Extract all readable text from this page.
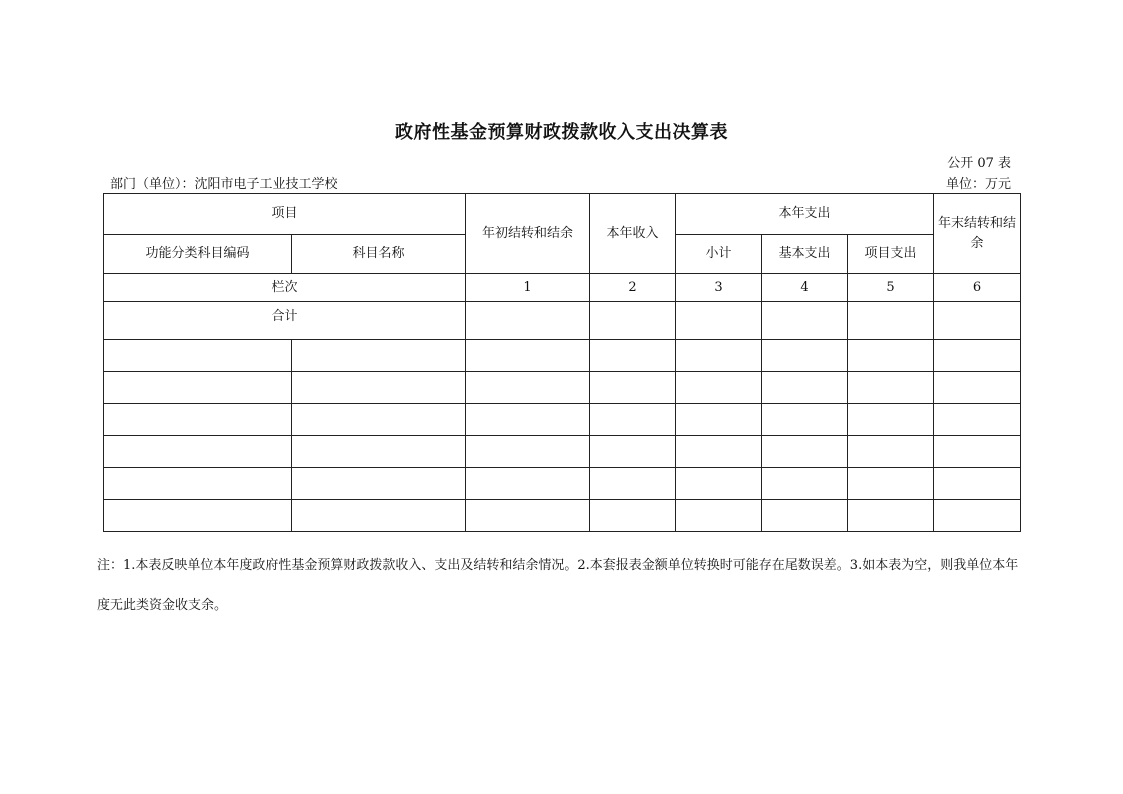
政府性基金预算财政拨款收入支出决算表
公开 07 表
部门（单位）：沈阳市电子工业技工学校	单位：万元
项目		年初结转和结余	本年收入	本年支出			年末结转和结余
功能分类科目编码	科目名称			小计	基本支出	项目支出	
栏次		1	2	3	4	5	6
合计							

注：1.本表反映单位本年度政府性基金预算财政拨款收入、支出及结转和结余情况。2.本套报表金额单位转换时可能存在尾数误差。3.如本表为空，则我单位本年度无此类资金收支余。
